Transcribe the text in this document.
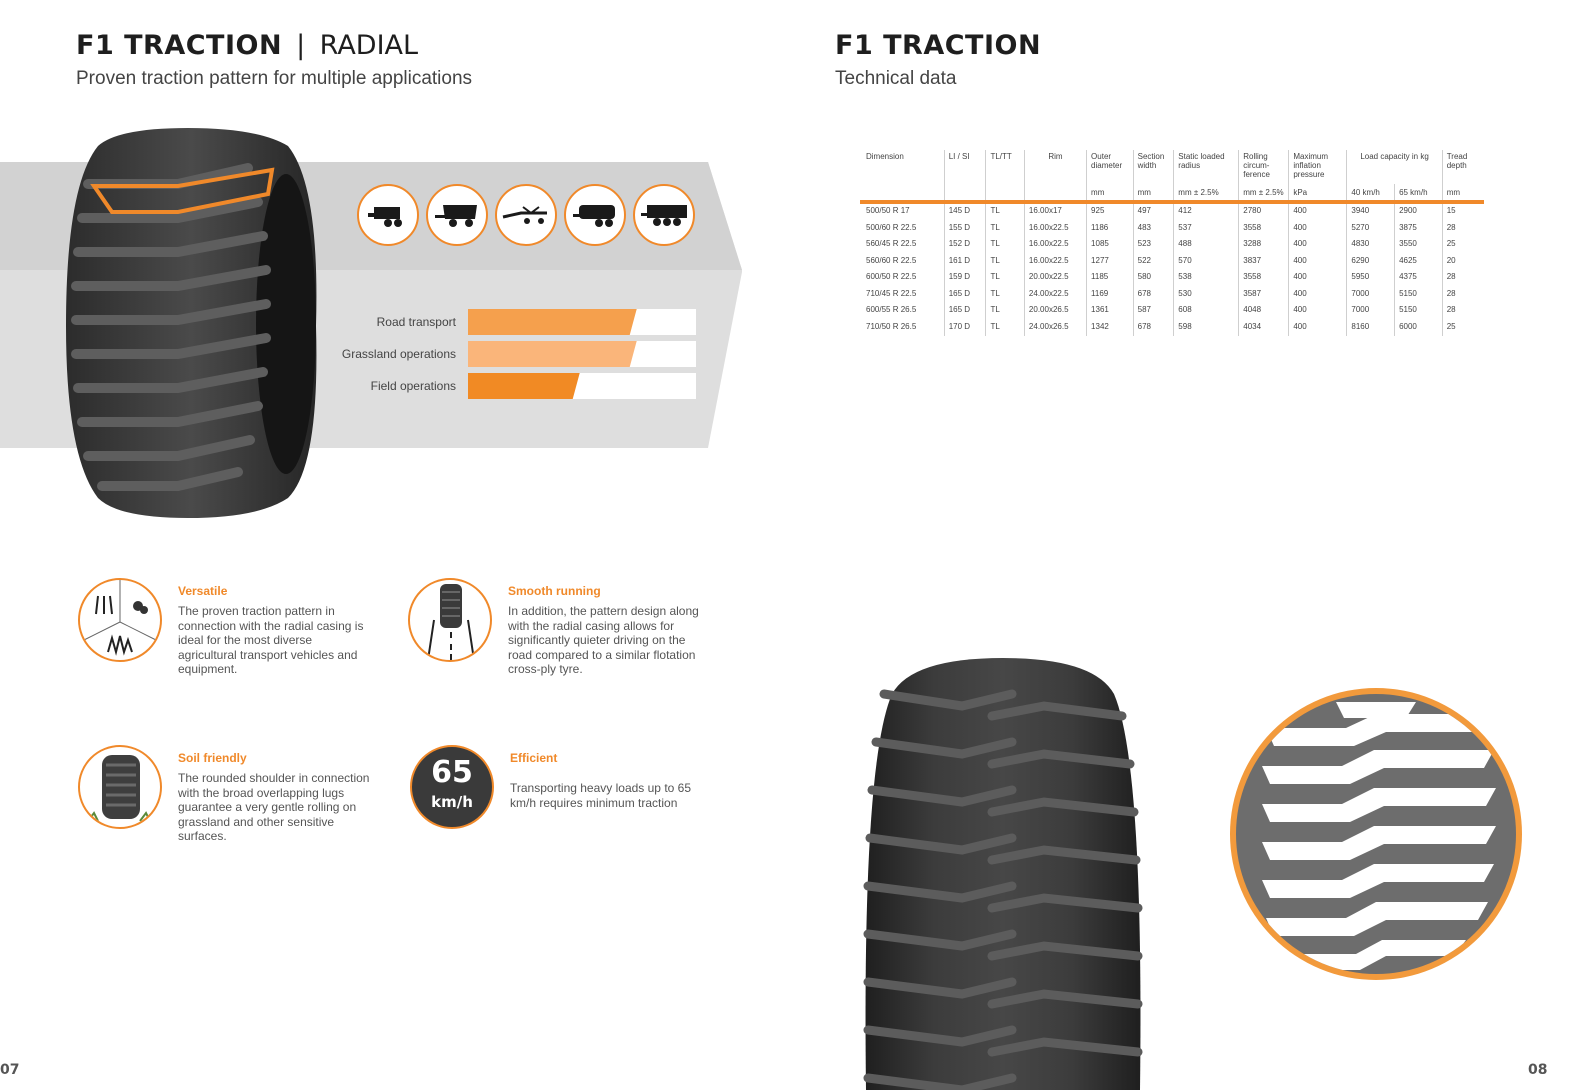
F1 TRACTION | RADIAL
Proven traction pattern for multiple applications
Road transport
Grassland operations
Field operations
Versatile
The proven traction pattern in connection with the radial casing is ideal for the most diverse agricultural transport vehicles and equipment.
Smooth running
In addition, the pattern design along with the radial casing allows for significantly quieter driving on the road compared to a similar flotation cross-ply tyre.
Soil friendly
The rounded shoulder in connection with the broad overlapping lugs guarantee a very gentle rolling on grassland and other sensitive surfaces.
65
km/h
Efficient
Transporting heavy loads up to 65 km/h requires minimum traction
07
F1 TRACTION
Technical data
Dimension	LI / SI	TL/TT	Rim	Outer diameter	Section width	Static loaded radius	Rolling circum-ference	Maximum inflation pressure	Load capacity in kg		Tread depth
				mm	mm	mm ± 2.5%	mm ± 2.5%	kPa	40 km/h	65 km/h	mm
500/50 R 17	145 D	TL	16.00x17	925	497	412	2780	400	3940	2900	15
500/60 R 22.5	155 D	TL	16.00x22.5	1186	483	537	3558	400	5270	3875	28
560/45 R 22.5	152 D	TL	16.00x22.5	1085	523	488	3288	400	4830	3550	25
560/60 R 22.5	161 D	TL	16.00x22.5	1277	522	570	3837	400	6290	4625	20
600/50 R 22.5	159 D	TL	20.00x22.5	1185	580	538	3558	400	5950	4375	28
710/45 R 22.5	165 D	TL	24.00x22.5	1169	678	530	3587	400	7000	5150	28
600/55 R 26.5	165 D	TL	20.00x26.5	1361	587	608	4048	400	7000	5150	28
710/50 R 26.5	170 D	TL	24.00x26.5	1342	678	598	4034	400	8160	6000	25
08
